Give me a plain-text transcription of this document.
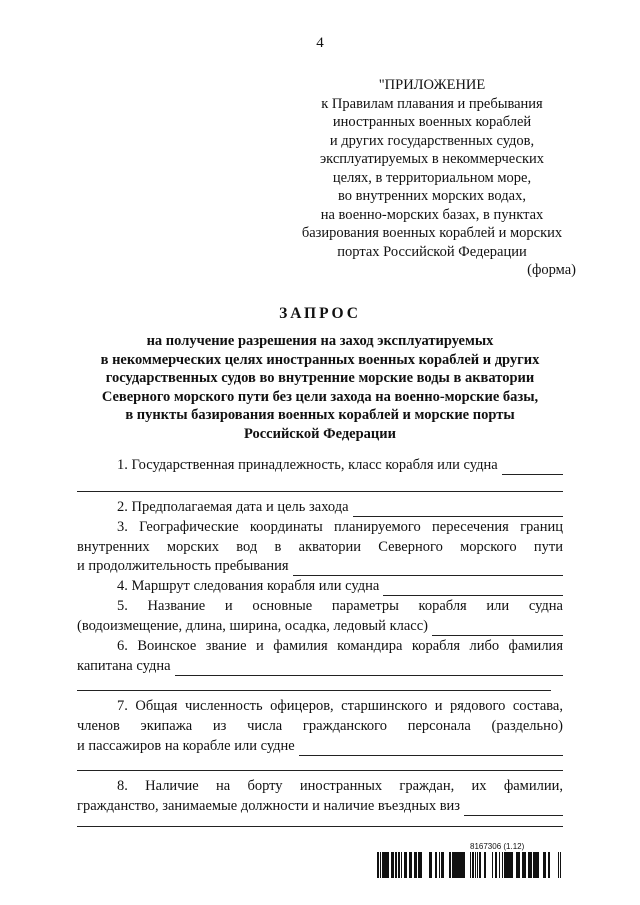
4
"ПРИЛОЖЕНИЕ
к Правилам плавания и пребывания
иностранных военных кораблей
и других государственных судов,
эксплуатируемых в некоммерческих
целях, в территориальном море,
во внутренних морских водах,
на военно-морских базах, в пунктах
базирования военных кораблей и морских
портах Российской Федерации
(форма)
ЗАПРОС
на получение разрешения на заход эксплуатируемых
в некоммерческих целях иностранных военных кораблей и других
государственных судов во внутренние морские воды в акватории
Северного морского пути без цели захода на военно-морские базы,
в пункты базирования военных кораблей и морские порты
Российской Федерации
1. Государственная принадлежность, класс корабля или судна
2. Предполагаемая дата и цель захода
3. Географические координаты планируемого пересечения границ
внутренних морских вод в акватории Северного морского пути
и продолжительность пребывания
4. Маршрут следования корабля или судна
5. Название и основные параметры корабля или судна
(водоизмещение, длина, ширина, осадка, ледовый класс)
6. Воинское звание и фамилия командира корабля либо фамилия
капитана судна
7. Общая численность офицеров, старшинского и рядового состава,
членов экипажа из числа гражданского персонала (раздельно)
и пассажиров на корабле или судне
8. Наличие на борту иностранных граждан, их фамилии,
гражданство, занимаемые должности и наличие въездных виз
8167306 (1.12)
